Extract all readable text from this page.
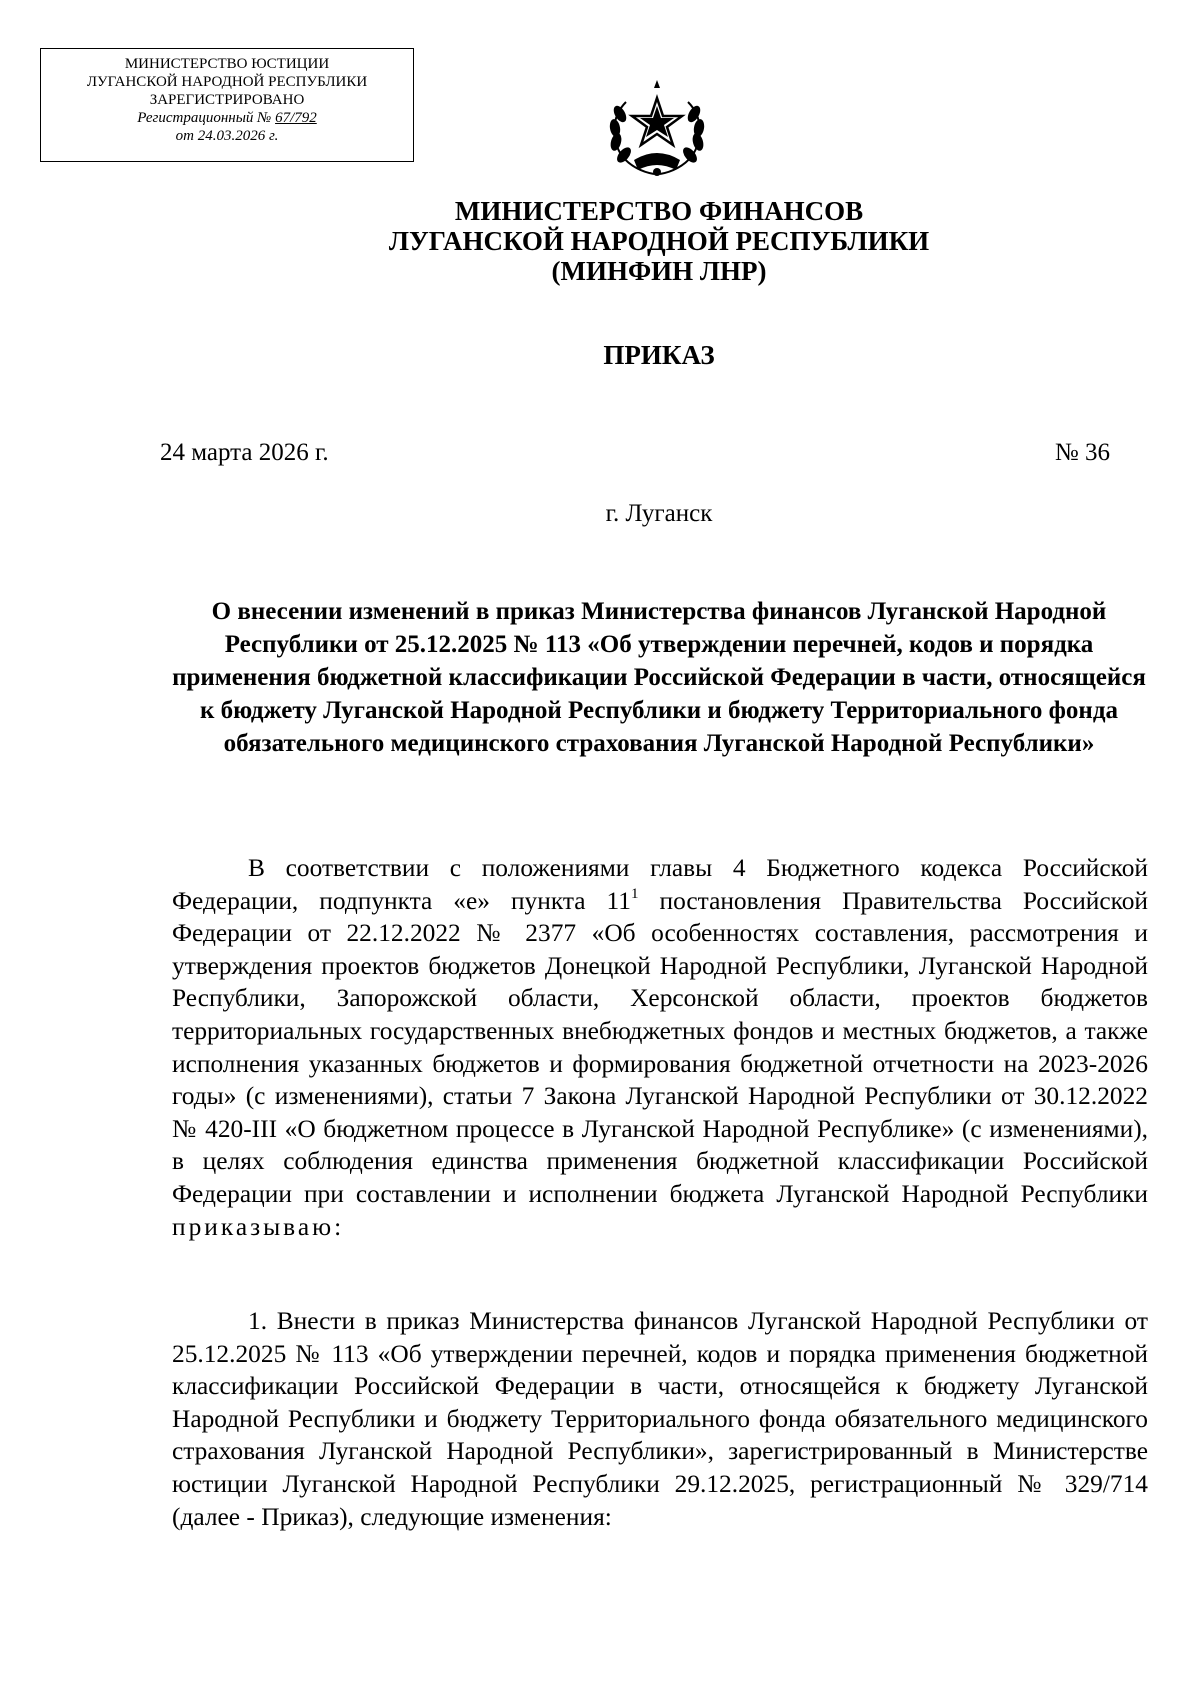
МИНИСТЕРСТВО ЮСТИЦИИ
ЛУГАНСКОЙ НАРОДНОЙ РЕСПУБЛИКИ
ЗАРЕГИСТРИРОВАНО
Регистрационный № 67/792
от 24.03.2026 г.
МИНИСТЕРСТВО ФИНАНСОВ
ЛУГАНСКОЙ НАРОДНОЙ РЕСПУБЛИКИ
(МИНФИН ЛНР)
ПРИКАЗ
24 марта 2026 г.	№ 36
г. Луганск
О внесении изменений в приказ Министерства финансов Луганской Народной Республики от 25.12.2025 № 113 «Об утверждении перечней, кодов и порядка применения бюджетной классификации Российской Федерации в части, относящейся к бюджету Луганской Народной Республики и бюджету Территориального фонда обязательного медицинского страхования Луганской Народной Республики»

В соответствии с положениями главы 4 Бюджетного кодекса Российской Федерации, подпункта «е» пункта $11^1$ постановления Правительства Российской Федерации от 22.12.2022 № 2377 «Об особенностях составления, рассмотрения и утверждения проектов бюджетов Донецкой Народной Республики, Луганской Народной Республики, Запорожской области, Херсонской области, проектов бюджетов территориальных государственных внебюджетных фондов и местных бюджетов, а также исполнения указанных бюджетов и формирования бюджетной отчетности на 2023-2026 годы» (с изменениями), статьи 7 Закона Луганской Народной Республики от 30.12.2022 № 420-III «О бюджетном процессе в Луганской Народной Республике» (с изменениями), в целях соблюдения единства применения бюджетной классификации Российской Федерации при составлении и исполнении бюджета Луганской Народной Республики приказываю:

1. Внести в приказ Министерства финансов Луганской Народной Республики от 25.12.2025 № 113 «Об утверждении перечней, кодов и порядка применения бюджетной классификации Российской Федерации в части, относящейся к бюджету Луганской Народной Республики и бюджету Территориального фонда обязательного медицинского страхования Луганской Народной Республики», зарегистрированный в Министерстве юстиции Луганской Народной Республики 29.12.2025, регистрационный № 329/714 (далее - Приказ), следующие изменения:
